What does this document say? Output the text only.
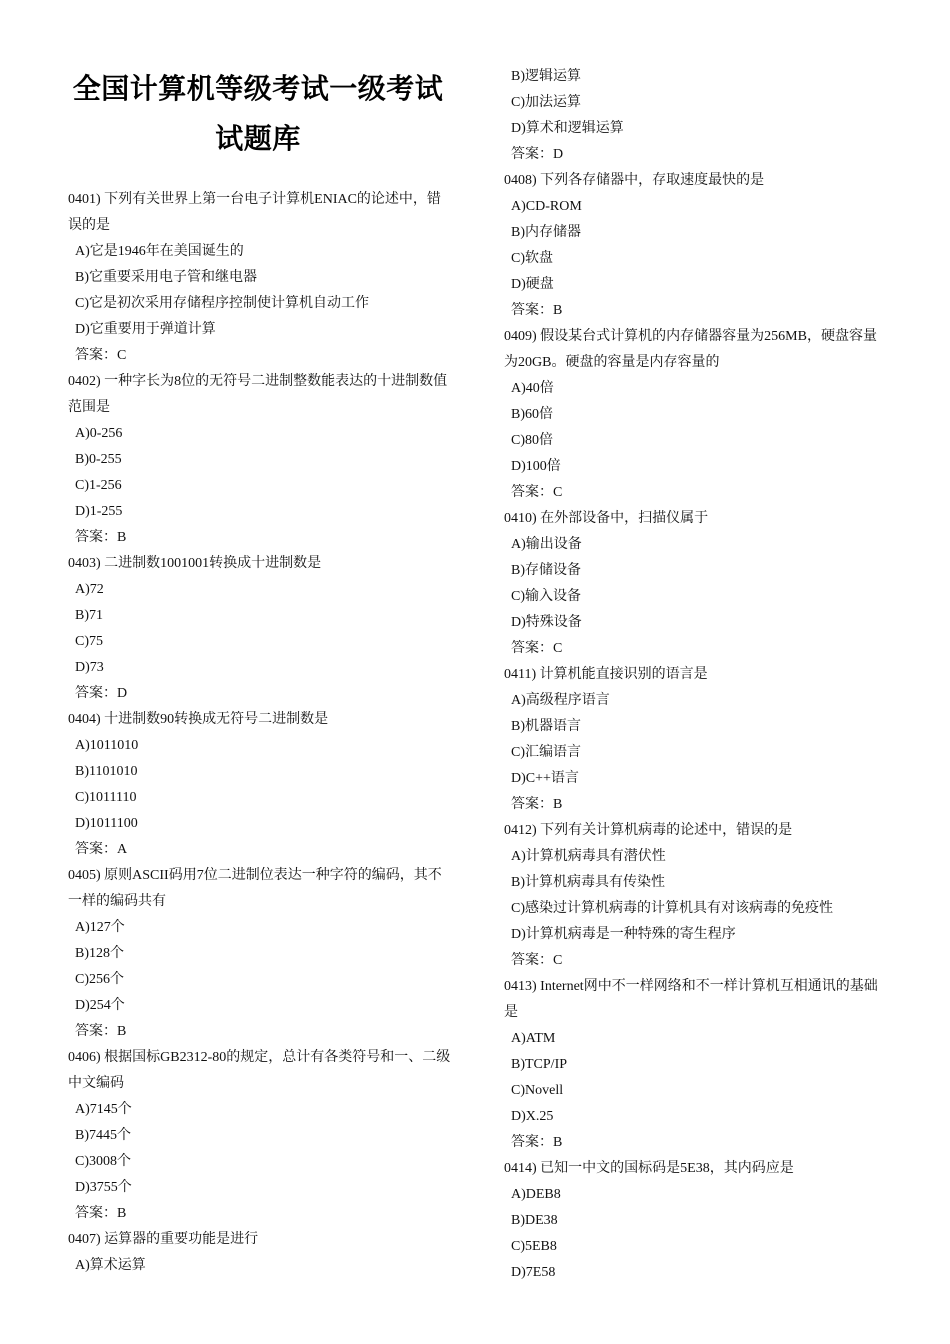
全国计算机等级考试一级考试
试题库
0401) 下列有关世界上第一台电子计算机ENIAC的论述中，错误的是
A)它是1946年在美国诞生的
B)它重要采用电子管和继电器
C)它是初次采用存储程序控制使计算机自动工作
D)它重要用于弹道计算
答案：C
0402) 一种字长为8位的无符号二进制整数能表达的十进制数值范围是
A)0-256
B)0-255
C)1-256
D)1-255
答案：B
0403) 二进制数1001001转换成十进制数是
A)72
B)71
C)75
D)73
答案：D
0404) 十进制数90转换成无符号二进制数是
A)1011010
B)1101010
C)1011110
D)1011100
答案：A
0405) 原则ASCII码用7位二进制位表达一种字符的编码，其不一样的编码共有
A)127个
B)128个
C)256个
D)254个
答案：B
0406) 根据国标GB2312-80的规定，总计有各类符号和一、二级中文编码
A)7145个
B)7445个
C)3008个
D)3755个
答案：B
0407) 运算器的重要功能是进行
A)算术运算
B)逻辑运算
C)加法运算
D)算术和逻辑运算
答案：D
0408) 下列各存储器中，存取速度最快的是
A)CD-ROM
B)内存储器
C)软盘
D)硬盘
答案：B
0409) 假设某台式计算机的内存储器容量为256MB，硬盘容量为20GB。硬盘的容量是内存容量的
A)40倍
B)60倍
C)80倍
D)100倍
答案：C
0410) 在外部设备中，扫描仪属于
A)输出设备
B)存储设备
C)输入设备
D)特殊设备
答案：C
0411) 计算机能直接识别的语言是
A)高级程序语言
B)机器语言
C)汇编语言
D)C++语言
答案：B
0412) 下列有关计算机病毒的论述中，错误的是
A)计算机病毒具有潜伏性
B)计算机病毒具有传染性
C)感染过计算机病毒的计算机具有对该病毒的免疫性
D)计算机病毒是一种特殊的寄生程序
答案：C
0413) Internet网中不一样网络和不一样计算机互相通讯的基础是
A)ATM
B)TCP/IP
C)Novell
D)X.25
答案：B
0414) 已知一中文的国标码是5E38，其内码应是
A)DEB8
B)DE38
C)5EB8
D)7E58
